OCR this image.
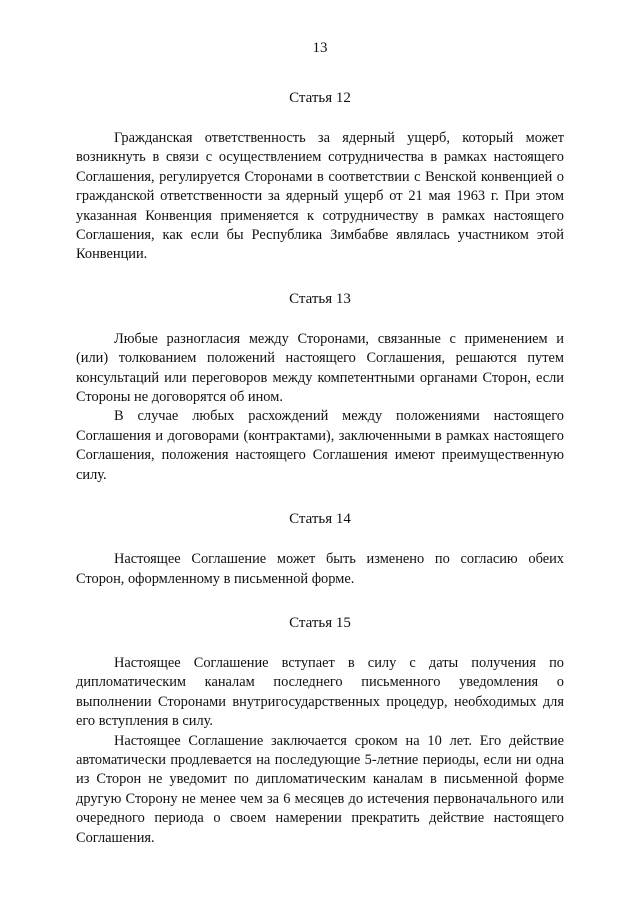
13
Статья 12

Гражданская ответственность за ядерный ущерб, который может возникнуть в связи с осуществлением сотрудничества в рамках настоящего Соглашения, регулируется Сторонами в соответствии с Венской конвенцией о гражданской ответственности за ядерный ущерб от 21 мая 1963 г. При этом указанная Конвенция применяется к сотрудничеству в рамках настоящего Соглашения, как если бы Республика Зимбабве являлась участником этой Конвенции.

Статья 13

Любые разногласия между Сторонами, связанные с применением и (или) толкованием положений настоящего Соглашения, решаются путем консультаций или переговоров между компетентными органами Сторон, если Стороны не договорятся об ином.

В случае любых расхождений между положениями настоящего Соглашения и договорами (контрактами), заключенными в рамках настоящего Соглашения, положения настоящего Соглашения имеют преимущественную силу.

Статья 14

Настоящее Соглашение может быть изменено по согласию обеих Сторон, оформленному в письменной форме.

Статья 15

Настоящее Соглашение вступает в силу с даты получения по дипломатическим каналам последнего письменного уведомления о выполнении Сторонами внутригосударственных процедур, необходимых для его вступления в силу.

Настоящее Соглашение заключается сроком на 10 лет. Его действие автоматически продлевается на последующие 5-летние периоды, если ни одна из Сторон не уведомит по дипломатическим каналам в письменной форме другую Сторону не менее чем за 6 месяцев до истечения первоначального или очередного периода о своем намерении прекратить действие настоящего Соглашения.
